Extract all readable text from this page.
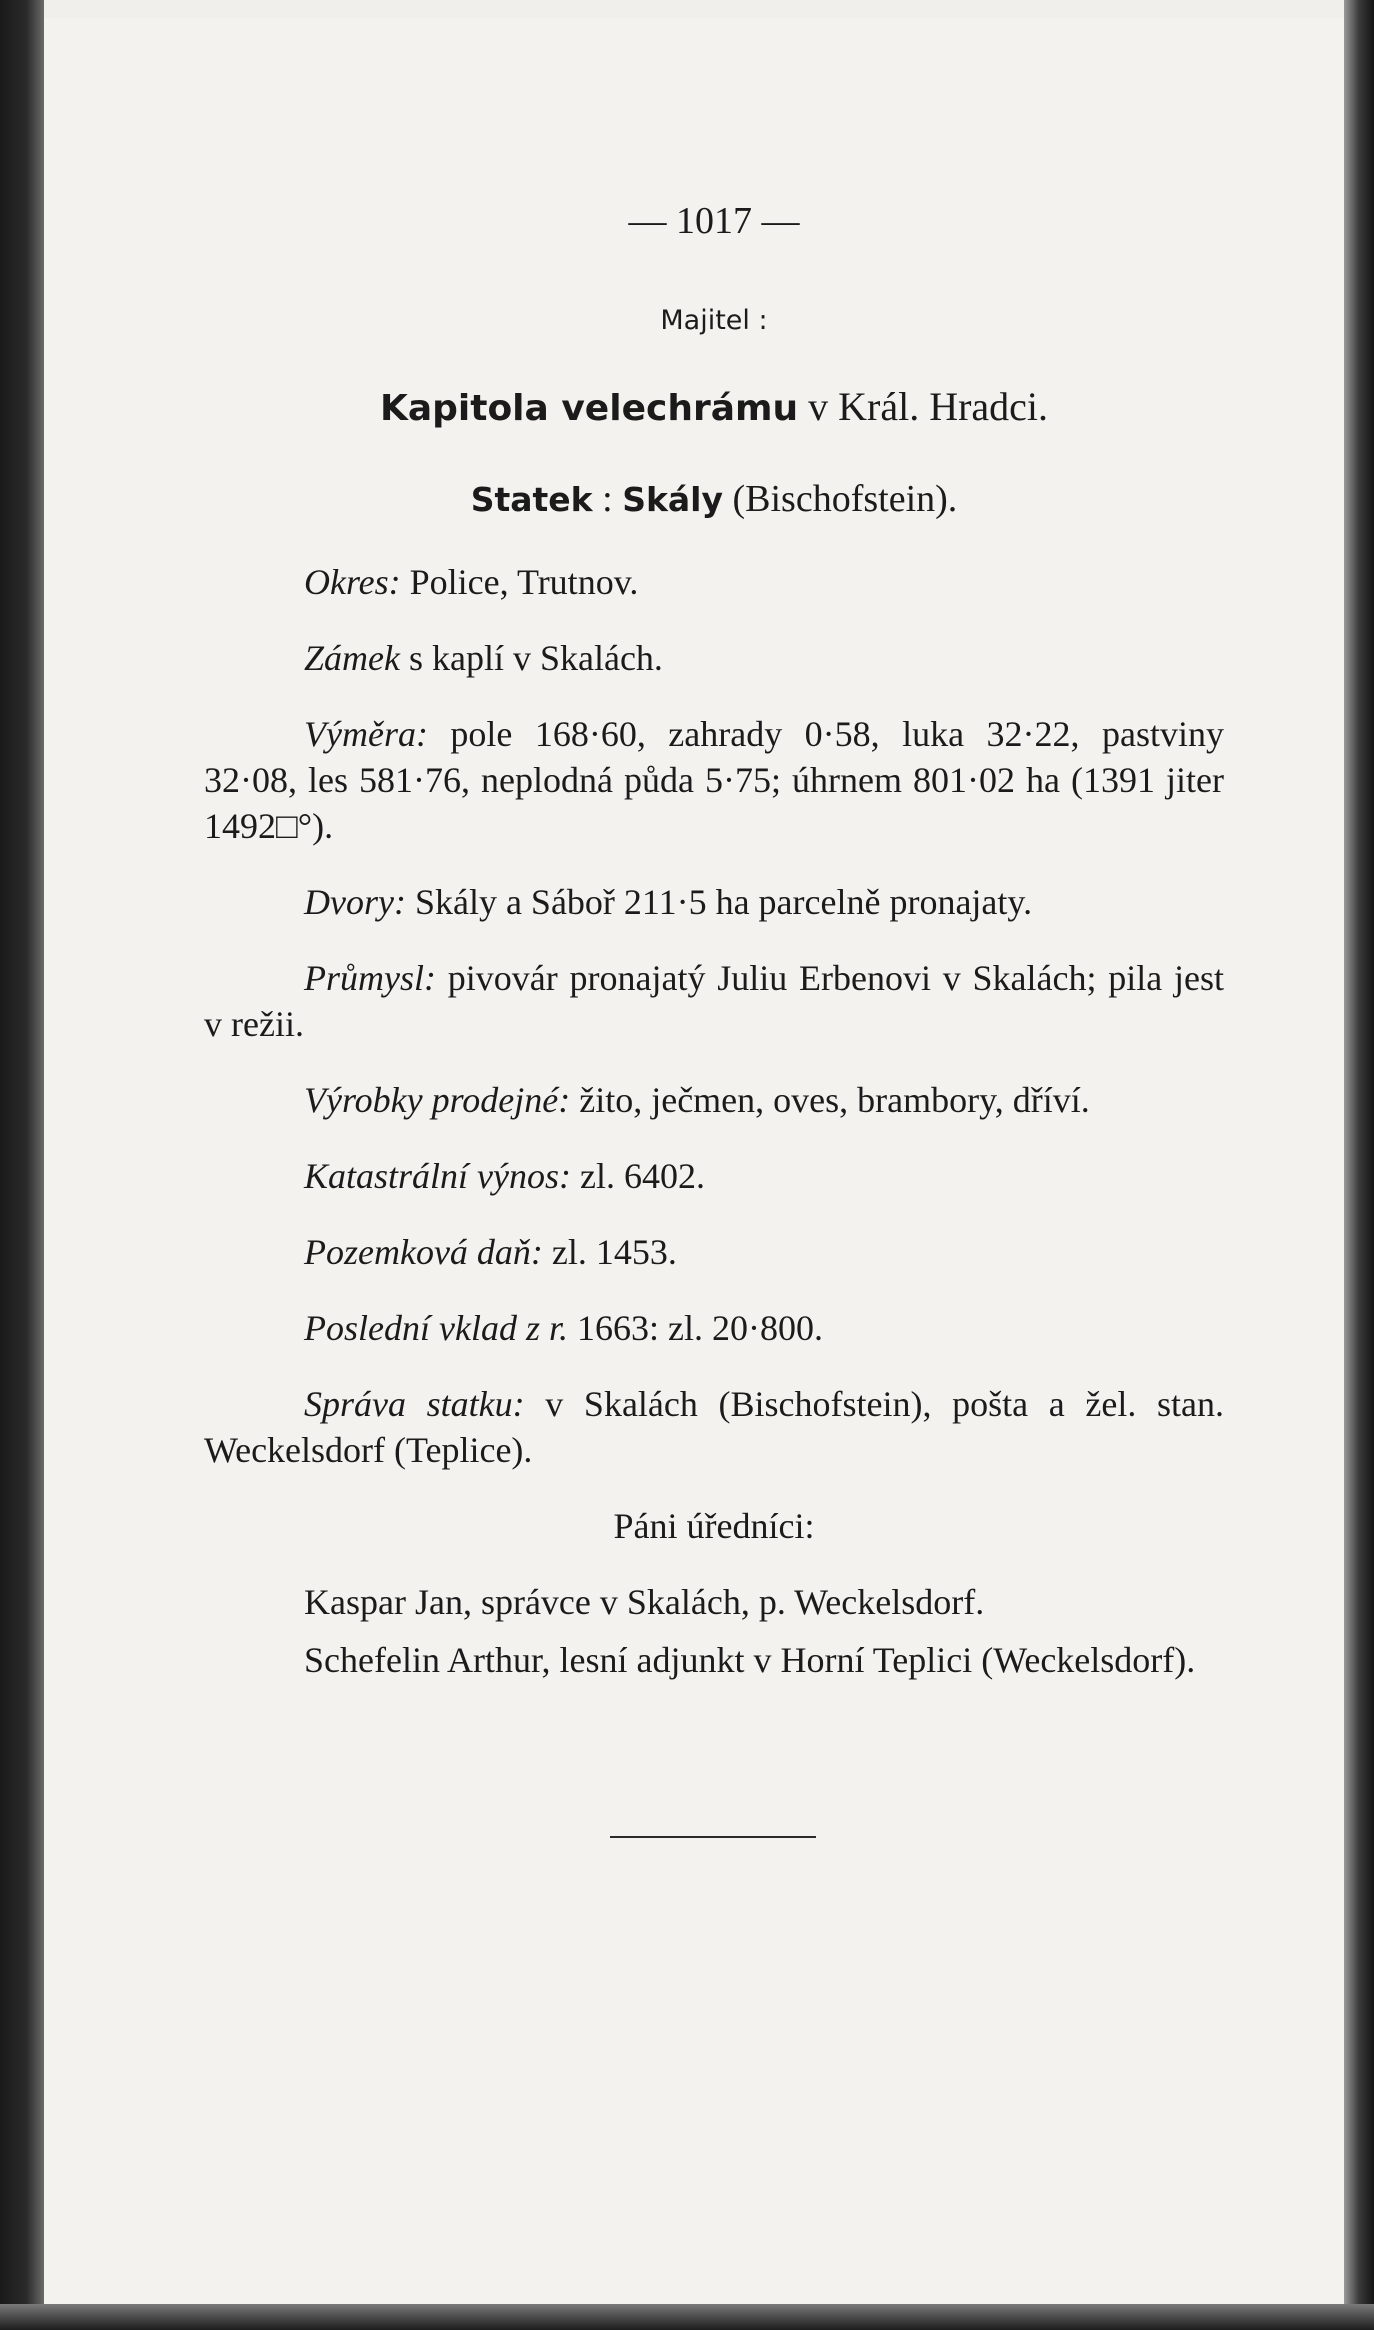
— 1017 —
Majitel :
Kapitola velechrámu v Král. Hradci.
Statek : Skály (Bischofstein).

Okres: Police, Trutnov.

Zámek s kaplí v Skalách.

Výměra: pole 168·60, zahrady 0·58, luka 32·22, pastviny 32·08, les 581·76, neplodná půda 5·75; úhrnem 801·02 ha (1391 jiter 1492□°).

Dvory: Skály a Sáboř 211·5 ha parcelně pronajaty.

Průmysl: pivovár pronajatý Juliu Erbenovi v Skalách; pila jest v režii.

Výrobky prodejné: žito, ječmen, oves, brambory, dříví.

Katastrální výnos: zl. 6402.

Pozemková daň: zl. 1453.

Poslední vklad z r. 1663: zl. 20·800.

Správa statku: v Skalách (Bischofstein), pošta a žel. stan. Weckelsdorf (Teplice).

Páni úředníci:

Kaspar Jan, správce v Skalách, p. Weckelsdorf.

Schefelin Arthur, lesní adjunkt v Horní Teplici (Weckelsdorf).
